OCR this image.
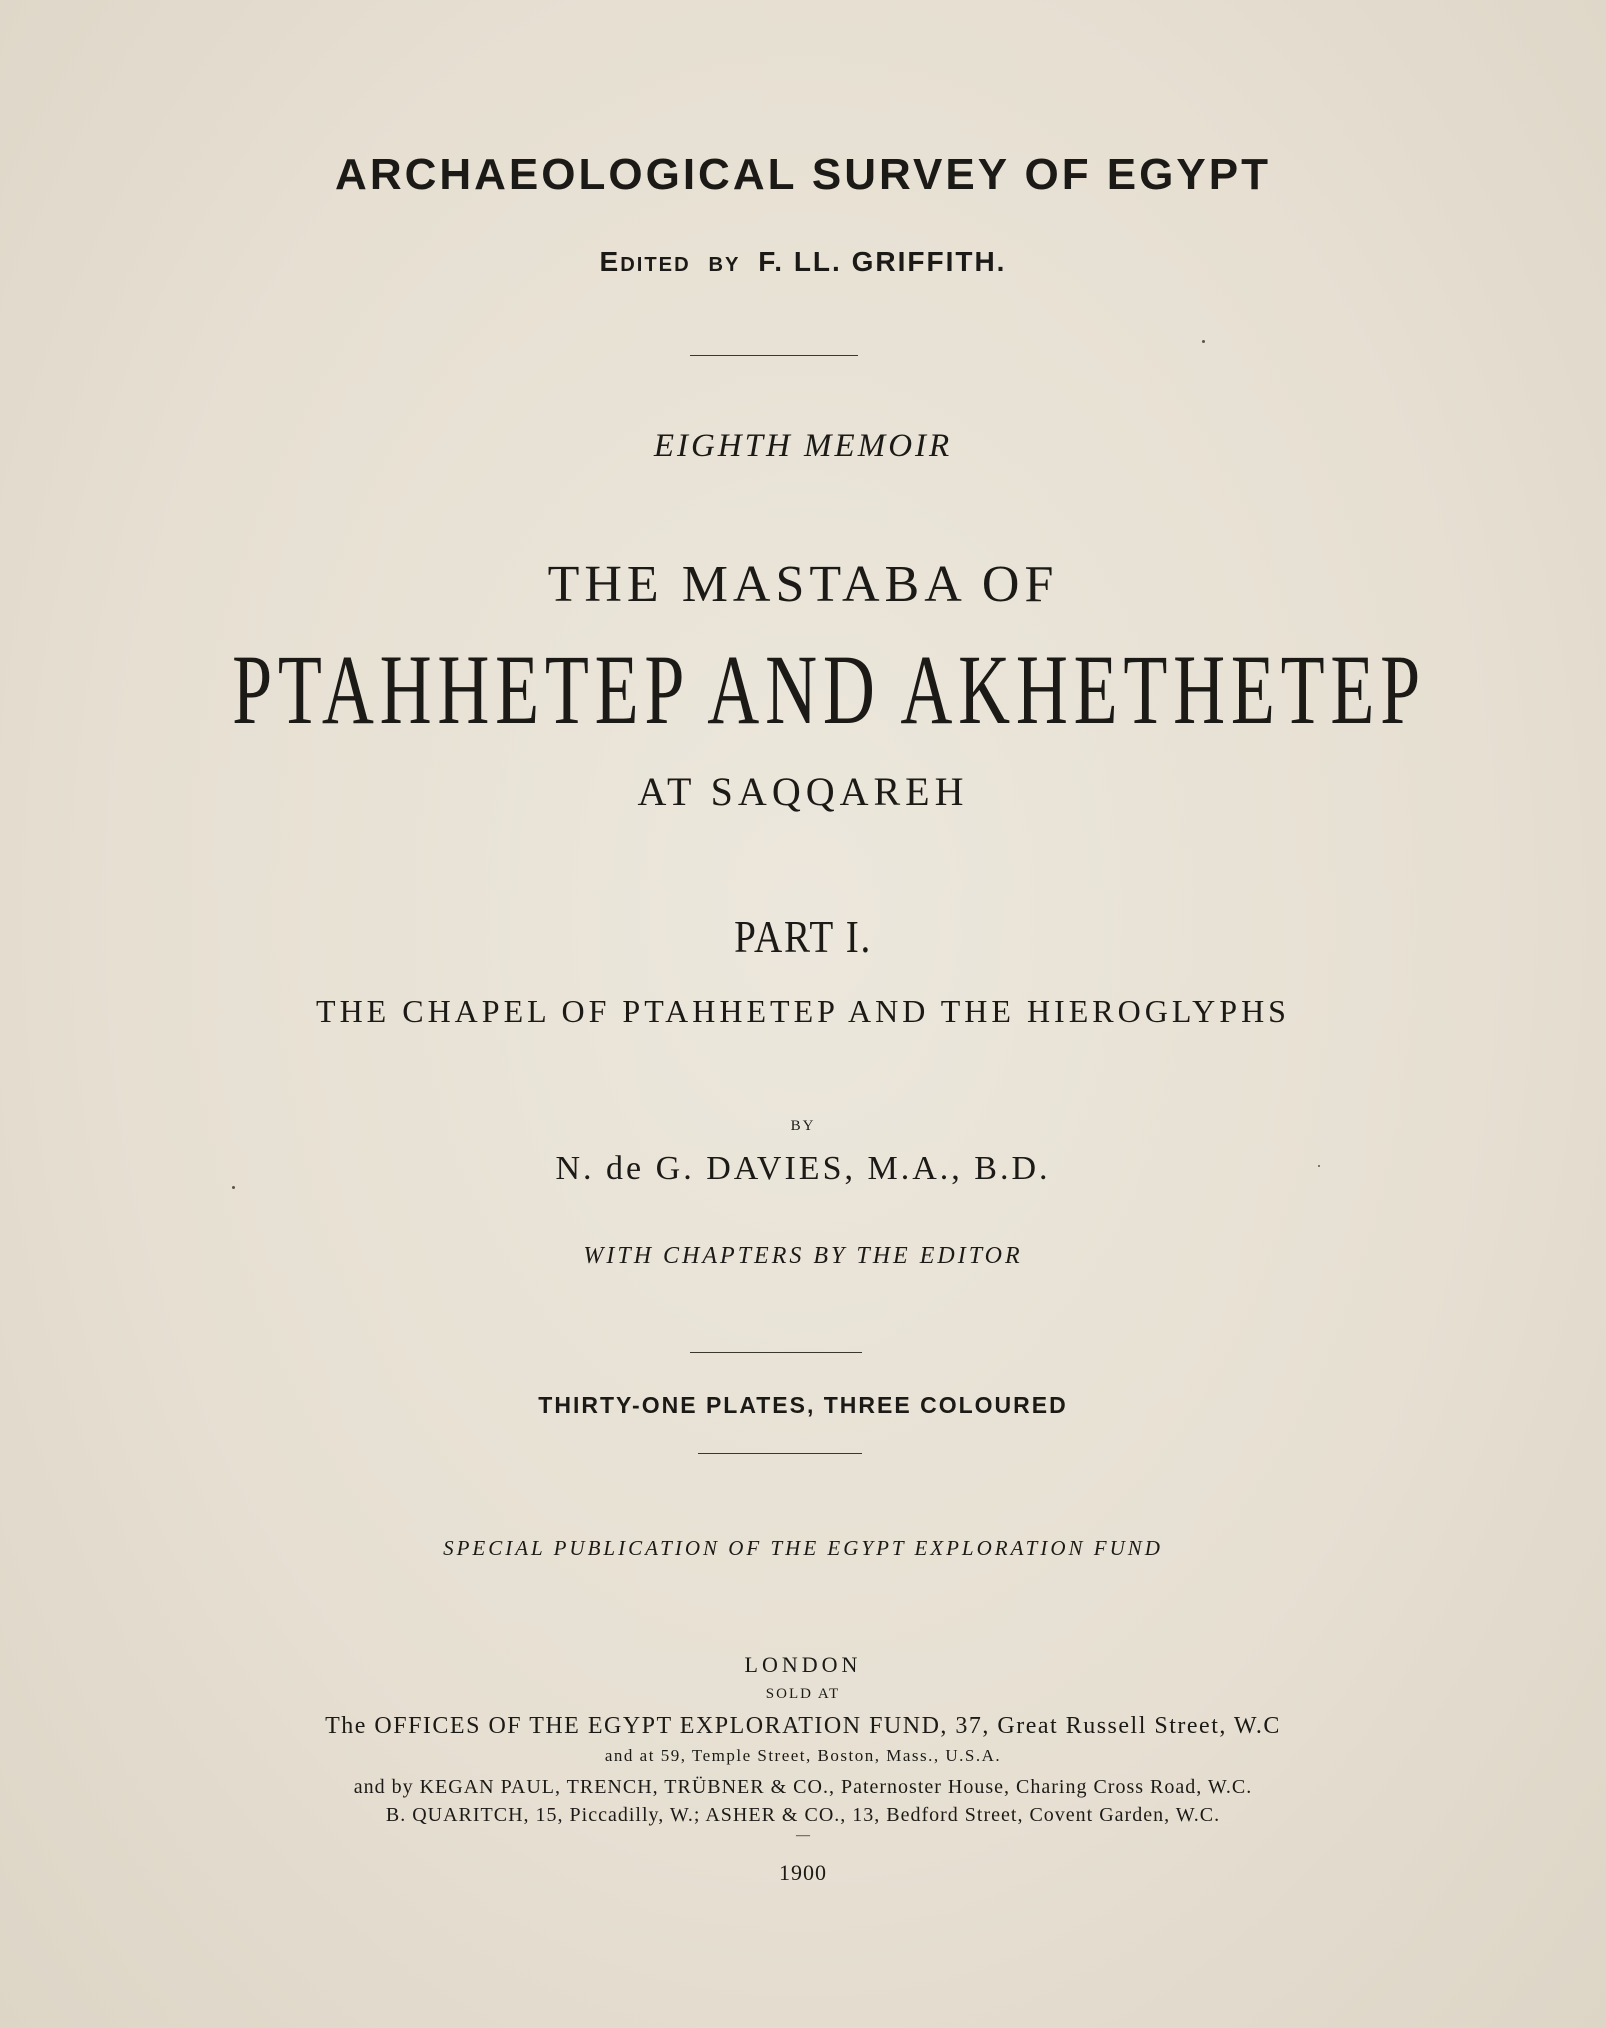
ARCHAEOLOGICAL SURVEY OF EGYPT
EDITED BY F. LL. GRIFFITH.
EIGHTH MEMOIR
THE MASTABA OF
PTAHHETEP AND AKHETHETEP
AT SAQQAREH
PART I.
THE CHAPEL OF PTAHHETEP AND THE HIEROGLYPHS
BY
N. de G. DAVIES, M.A., B.D.
WITH CHAPTERS BY THE EDITOR
THIRTY-ONE PLATES, THREE COLOURED
SPECIAL PUBLICATION OF THE EGYPT EXPLORATION FUND
LONDON
SOLD AT
The OFFICES OF THE EGYPT EXPLORATION FUND, 37, Great Russell Street, W.C
and at 59, Temple Street, Boston, Mass., U.S.A.
and by KEGAN PAUL, TRENCH, TRÜBNER & CO., Paternoster House, Charing Cross Road, W.C.
B. QUARITCH, 15, Piccadilly, W.; ASHER & CO., 13, Bedford Street, Covent Garden, W.C.
—
1900
